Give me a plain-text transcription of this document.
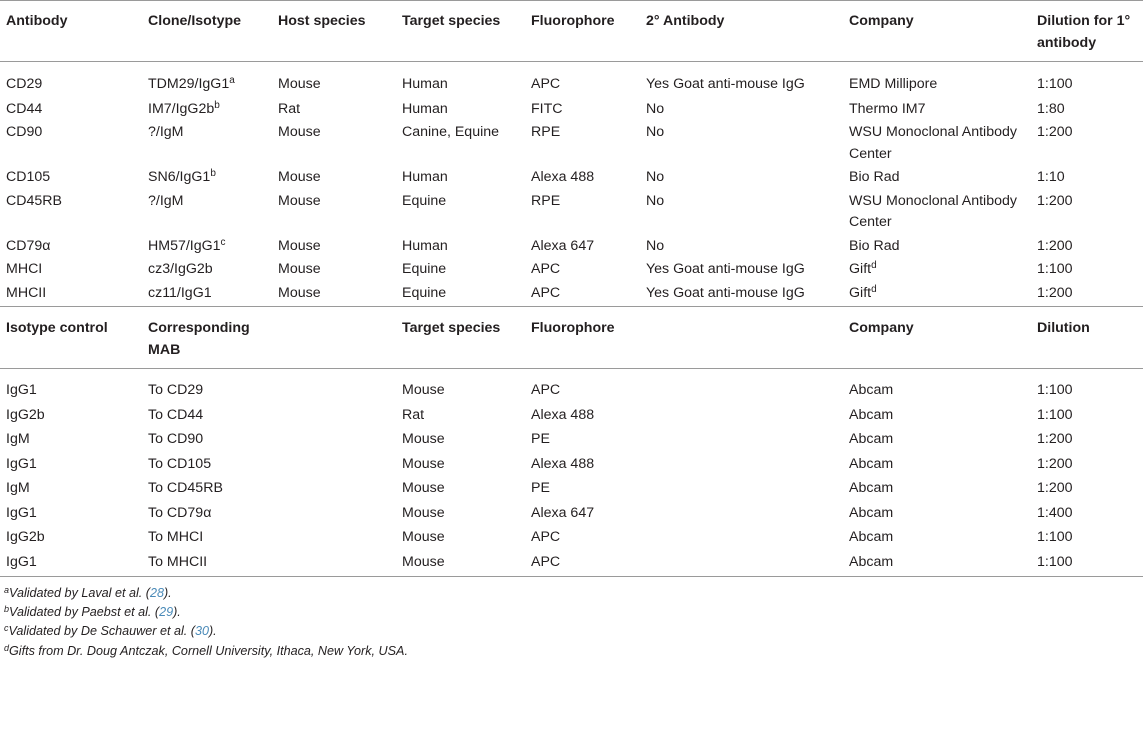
Antibody	Clone/Isotype	Host species	Target species	Fluorophore	2° Antibody	Company	Dilution for 1° antibody
CD29	TDM29/IgG1$^a$	Mouse	Human	APC	Yes Goat anti-mouse IgG	EMD Millipore	1:100
CD44	$IM7/IgG2b^b$	Rat	Human	FITC	No	Thermo IM7	1:80
CD90	?/IgM	Mouse	Canine, Equine	RPE	No	WSU Monoclonal Antibody Center	1:200
CD105	SN6/IgG1$^b$	Mouse	Human	Alexa 488	No	Bio Rad	1:10
CD45RB	?/IgM	Mouse	Equine	RPE	No	WSU Monoclonal Antibody Center	1:200
CD79α	HM57/IgG1$^c$	Mouse	Human	Alexa 647	No	Bio Rad	1:200
MHCI	cz3/IgG2b	Mouse	Equine	APC	Yes Goat anti-mouse IgG	Gift$^d$	1:100
MHCII	cz11/IgG1	Mouse	Equine	APC	Yes Goat anti-mouse IgG	Gift$^d$	1:200
Isotype control	Corresponding MAB		Target species	Fluorophore		Company	Dilution
IgG1	To CD29		Mouse	APC		Abcam	1:100
IgG2b	To CD44		Rat	Alexa 488		Abcam	1:100
IgM	To CD90		Mouse	PE		Abcam	1:200
IgG1	To CD105		Mouse	Alexa 488		Abcam	1:200
IgM	To CD45RB		Mouse	PE		Abcam	1:200
IgG1	To CD79α		Mouse	Alexa 647		Abcam	1:400
IgG2b	To MHCI		Mouse	APC		Abcam	1:100
IgG1	To MHCII		Mouse	APC		Abcam	1:100
$^a$Validated by Laval et al. (28).
$^b$Validated by Paebst et al. (29).
$^c$Validated by De Schauwer et al. (30).
$^d$Gifts from Dr. Doug Antczak, Cornell University, Ithaca, New York, USA.
